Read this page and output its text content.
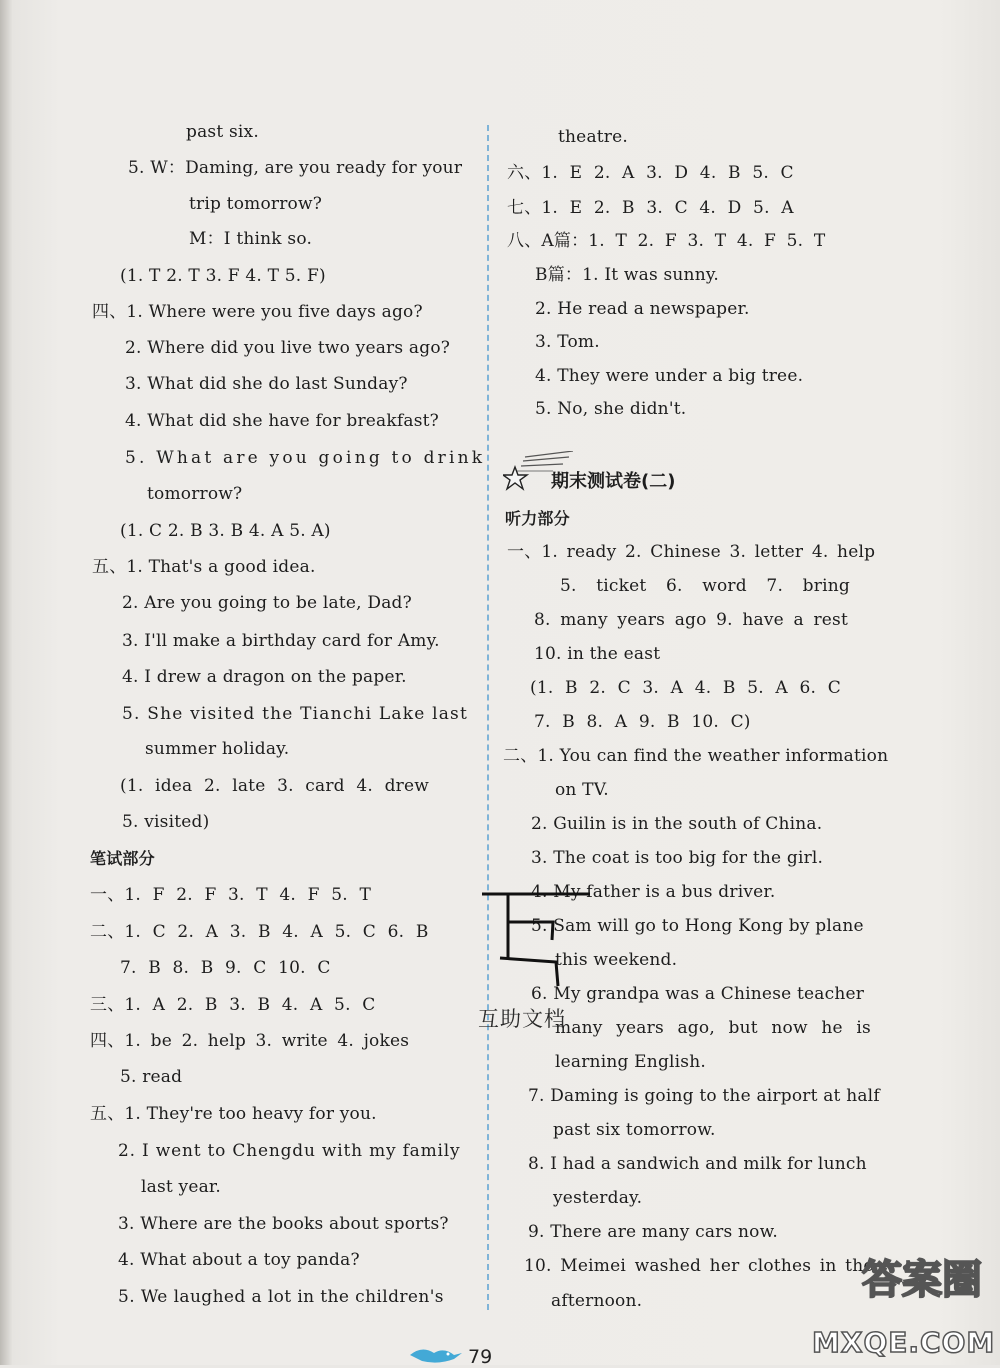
past six.
5. W：Daming, are you ready for your
trip tomorrow?
M：I think so.
(1. T 2. T 3. F 4. T 5. F)
四、1. Where were you five days ago?
2. Where did you live two years ago?
3. What did she do last Sunday?
4. What did she have for breakfast?
5. What are you going to drink
tomorrow?
(1. C 2. B 3. B 4. A 5. A)
五、1. That's a good idea.
2. Are you going to be late, Dad?
3. I'll make a birthday card for Amy.
4. I drew a dragon on the paper.
5. She visited the Tianchi Lake last
summer holiday.
(1. idea 2. late 3. card 4. drew
5. visited)
笔试部分
一、1. F 2. F 3. T 4. F 5. T
二、1. C 2. A 3. B 4. A 5. C 6. B
7. B 8. B 9. C 10. C
三、1. A 2. B 3. B 4. A 5. C
四、1. be 2. help 3. write 4. jokes
5. read
五、1. They're too heavy for you.
2. I went to Chengdu with my family
last year.
3. Where are the books about sports?
4. What about a toy panda?
5. We laughed a lot in the children's
theatre.
六、1. E 2. A 3. D 4. B 5. C
七、1. E 2. B 3. C 4. D 5. A
八、A篇：1. T 2. F 3. T 4. F 5. T
B篇：1. It was sunny.
2. He read a newspaper.
3. Tom.
4. They were under a big tree.
5. No, she didn't.
期末测试卷(二)
听力部分
一、1. ready 2. Chinese 3. letter 4. help
5. ticket 6. word 7. bring
8. many years ago 9. have a rest
10. in the east
(1. B 2. C 3. A 4. B 5. A 6. C
7. B 8. A 9. B 10. C)
二、1. You can find the weather information
on TV.
2. Guilin is in the south of China.
3. The coat is too big for the girl.
4. My father is a bus driver.
5. Sam will go to Hong Kong by plane
this weekend.
6. My grandpa was a Chinese teacher
many years ago, but now he is
learning English.
7. Daming is going to the airport at half
past six tomorrow.
8. I had a sandwich and milk for lunch
yesterday.
9. There are many cars now.
10. Meimei washed her clothes in the
afternoon.
互助文档
79
答案圈
MXQE.COM
